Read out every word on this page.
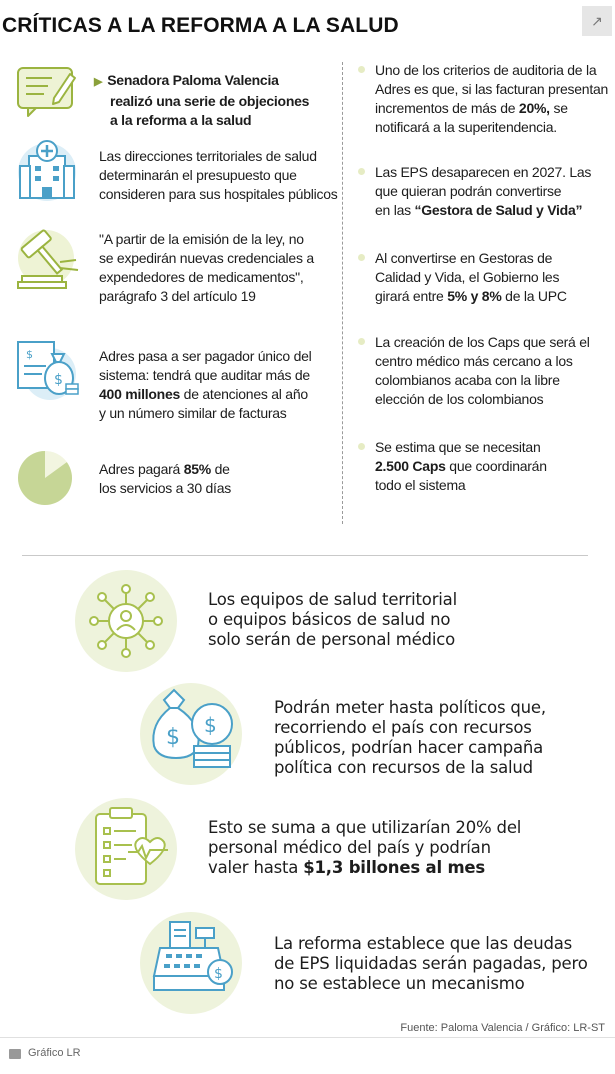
CRÍTICAS A LA REFORMA A LA SALUD	↗
▶ Senadora Paloma Valencia
realizó una serie de objeciones
a la reforma a la salud
Las direcciones territoriales de salud
determinarán el presupuesto que
consideren para sus hospitales públicos
"A partir de la emisión de la ley, no
se expedirán nuevas credenciales a
expendedores de medicamentos",
parágrafo 3 del artículo 19
$
$
Adres pasa a ser pagador único del
sistema: tendrá que auditar más de
400 millones de atenciones al año
y un número similar de facturas
Adres pagará 85% de
los servicios a 30 días
Uno de los criterios de auditoria de la
Adres es que, si las facturan presentan
incrementos de más de 20%, se
notificará a la superitendencia.
Las EPS desaparecen en 2027. Las
que quieran podrán convertirse
en las “Gestora de Salud y Vida”
Al convertirse en Gestoras de
Calidad y Vida, el Gobierno les
girará entre 5% y 8% de la UPC
La creación de los Caps que será el
centro médico más cercano a los
colombianos acaba con la libre
elección de los colombianos
Se estima que se necesitan
2.500 Caps que coordinarán
todo el sistema
Los equipos de salud territorial
o equipos básicos de salud no
solo serán de personal médico
$ $
Podrán meter hasta políticos que,
recorriendo el país con recursos
públicos, podrían hacer campaña
política con recursos de la salud
Esto se suma a que utilizarían 20% del
personal médico del país y podrían
valer hasta $1,3 billones al mes
$
La reforma establece que las deudas
de EPS liquidadas serán pagadas, pero
no se establece un mecanismo
Fuente: Paloma Valencia / Gráfico: LR-ST
Gráfico LR
